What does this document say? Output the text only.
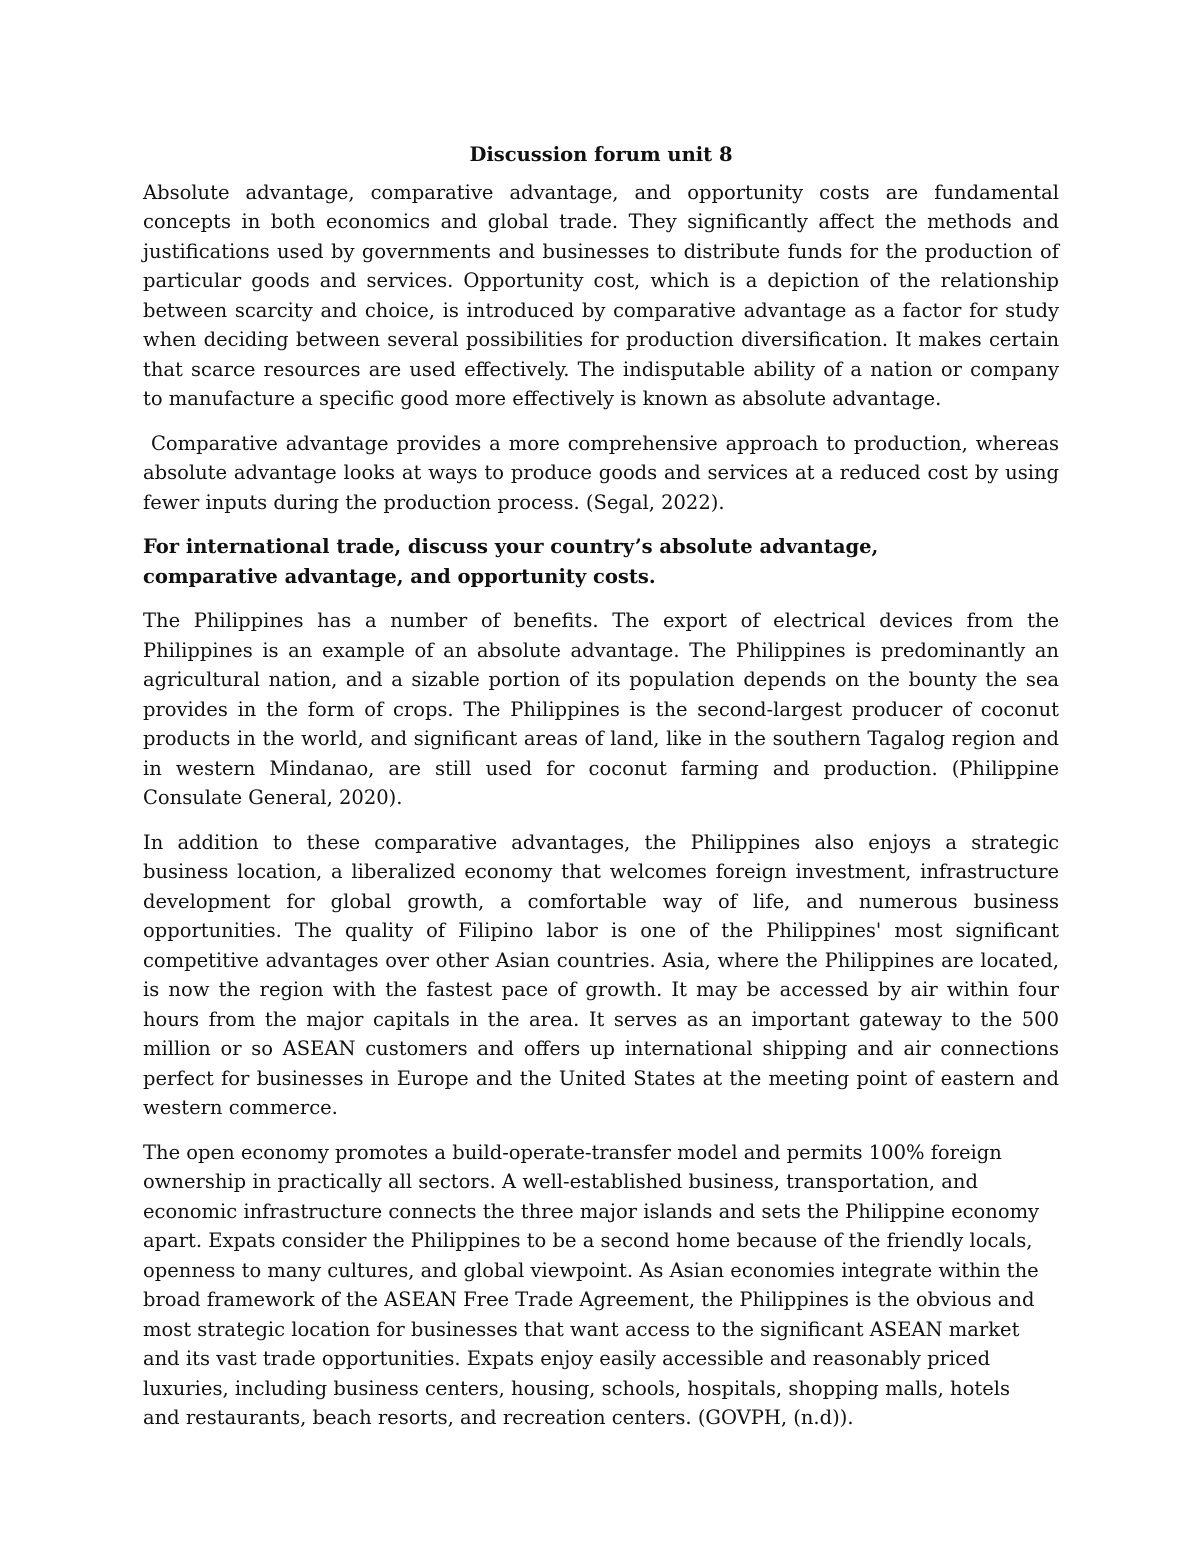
Discussion forum unit 8

Absolute advantage, comparative advantage, and opportunity costs are fundamental concepts in both economics and global trade. They significantly affect the methods and justifications used by governments and businesses to distribute funds for the production of particular goods and services. Opportunity cost, which is a depiction of the relationship between scarcity and choice, is introduced by comparative advantage as a factor for study when deciding between several possibilities for production diversification. It makes certain that scarce resources are used effectively. The indisputable ability of a nation or company to manufacture a specific good more effectively is known as absolute advantage.

Comparative advantage provides a more comprehensive approach to production, whereas absolute advantage looks at ways to produce goods and services at a reduced cost by using fewer inputs during the production process. (Segal, 2022).

For international trade, discuss your country’s absolute advantage, comparative advantage, and opportunity costs.

The Philippines has a number of benefits. The export of electrical devices from the Philippines is an example of an absolute advantage. The Philippines is predominantly an agricultural nation, and a sizable portion of its population depends on the bounty the sea provides in the form of crops. The Philippines is the second-largest producer of coconut products in the world, and significant areas of land, like in the southern Tagalog region and in western Mindanao, are still used for coconut farming and production. (Philippine Consulate General, 2020).

In addition to these comparative advantages, the Philippines also enjoys a strategic business location, a liberalized economy that welcomes foreign investment, infrastructure development for global growth, a comfortable way of life, and numerous business opportunities. The quality of Filipino labor is one of the Philippines' most significant competitive advantages over other Asian countries. Asia, where the Philippines are located, is now the region with the fastest pace of growth. It may be accessed by air within four hours from the major capitals in the area. It serves as an important gateway to the 500 million or so ASEAN customers and offers up international shipping and air connections perfect for businesses in Europe and the United States at the meeting point of eastern and western commerce.

The open economy promotes a build-operate-transfer model and permits 100% foreign ownership in practically all sectors. A well-established business, transportation, and economic infrastructure connects the three major islands and sets the Philippine economy apart. Expats consider the Philippines to be a second home because of the friendly locals, openness to many cultures, and global viewpoint. As Asian economies integrate within the broad framework of the ASEAN Free Trade Agreement, the Philippines is the obvious and most strategic location for businesses that want access to the significant ASEAN market and its vast trade opportunities. Expats enjoy easily accessible and reasonably priced luxuries, including business centers, housing, schools, hospitals, shopping malls, hotels and restaurants, beach resorts, and recreation centers. (GOVPH, (n.d)).
